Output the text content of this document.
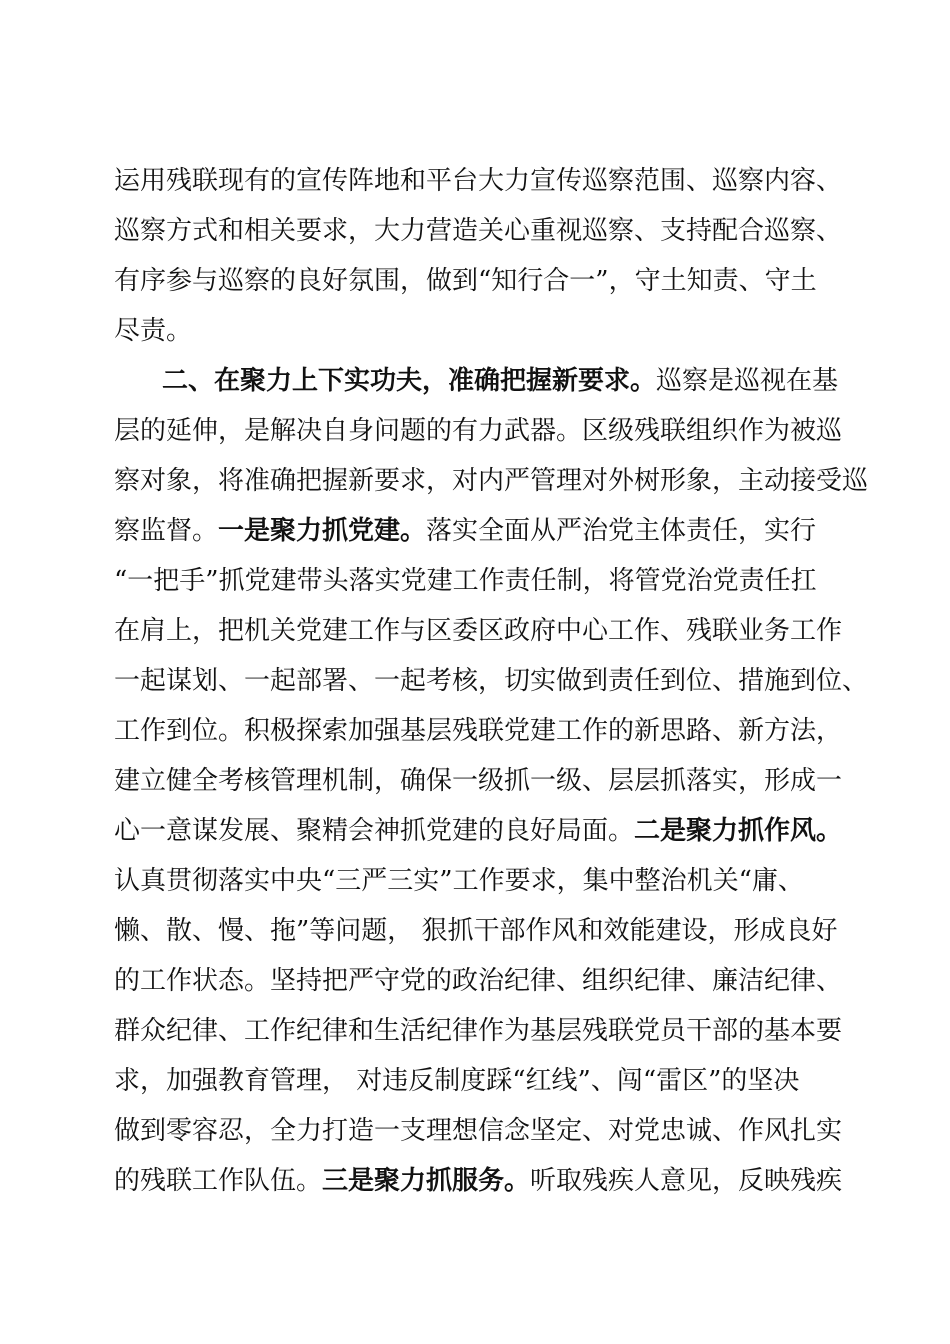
运用残联现有的宣传阵地和平台大力宣传巡察范围、巡察内容、
巡察方式和相关要求，大力营造关心重视巡察、支持配合巡察、
有序参与巡察的良好氛围，做到“知行合一”，守土知责、守土
尽责。
二、在聚力上下实功夫，准确把握新要求。巡察是巡视在基
层的延伸，是解决自身问题的有力武器。区级残联组织作为被巡
察对象，将准确把握新要求，对内严管理对外树形象，主动接受巡
察监督。一是聚力抓党建。落实全面从严治党主体责任，实行
“一把手”抓党建带头落实党建工作责任制，将管党治党责任扛
在肩上，把机关党建工作与区委区政府中心工作、残联业务工作
一起谋划、一起部署、一起考核，切实做到责任到位、措施到位、
工作到位。积极探索加强基层残联党建工作的新思路、新方法，
建立健全考核管理机制，确保一级抓一级、层层抓落实，形成一
心一意谋发展、聚精会神抓党建的良好局面。二是聚力抓作风。
认真贯彻落实中央“三严三实”工作要求，集中整治机关“庸、
懒、散、慢、拖”等问题， 狠抓干部作风和效能建设，形成良好
的工作状态。坚持把严守党的政治纪律、组织纪律、廉洁纪律、
群众纪律、工作纪律和生活纪律作为基层残联党员干部的基本要
求，加强教育管理， 对违反制度踩“红线”、闯“雷区”的坚决
做到零容忍，全力打造一支理想信念坚定、对党忠诚、作风扎实
的残联工作队伍。三是聚力抓服务。听取残疾人意见，反映残疾
